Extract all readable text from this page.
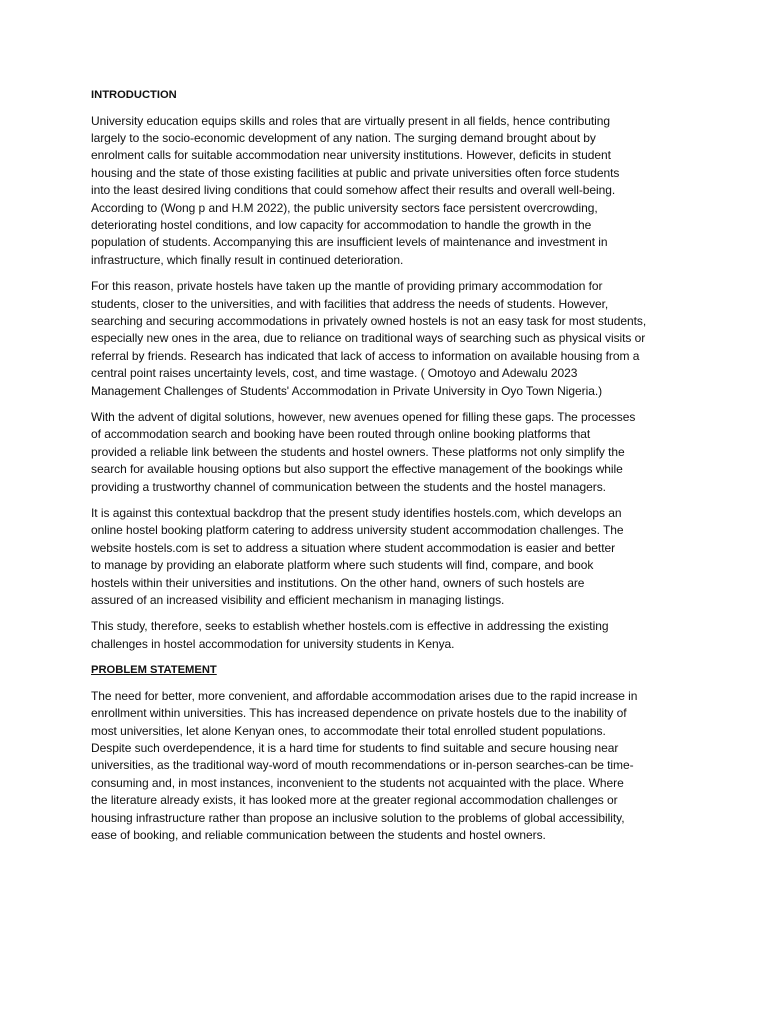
INTRODUCTION
University education equips skills and roles that are virtually present in all fields, hence contributing
largely to the socio-economic development of any nation. The surging demand brought about by
enrolment calls for suitable accommodation near university institutions. However, deficits in student
housing and the state of those existing facilities at public and private universities often force students
into the least desired living conditions that could somehow affect their results and overall well-being.
According to (Wong p and H.M 2022), the public university sectors face persistent overcrowding,
deteriorating hostel conditions, and low capacity for accommodation to handle the growth in the
population of students. Accompanying this are insufficient levels of maintenance and investment in
infrastructure, which finally result in continued deterioration.
For this reason, private hostels have taken up the mantle of providing primary accommodation for
students, closer to the universities, and with facilities that address the needs of students. However,
searching and securing accommodations in privately owned hostels is not an easy task for most students,
especially new ones in the area, due to reliance on traditional ways of searching such as physical visits or
referral by friends. Research has indicated that lack of access to information on available housing from a
central point raises uncertainty levels, cost, and time wastage. ( Omotoyo and Adewalu 2023
Management Challenges of Students' Accommodation in Private University in Oyo Town Nigeria.)
With the advent of digital solutions, however, new avenues opened for filling these gaps. The processes
of accommodation search and booking have been routed through online booking platforms that
provided a reliable link between the students and hostel owners. These platforms not only simplify the
search for available housing options but also support the effective management of the bookings while
providing a trustworthy channel of communication between the students and the hostel managers.
It is against this contextual backdrop that the present study identifies hostels.com, which develops an
online hostel booking platform catering to address university student accommodation challenges. The
website hostels.com is set to address a situation where student accommodation is easier and better
to manage by providing an elaborate platform where such students will find, compare, and book
hostels within their universities and institutions. On the other hand, owners of such hostels are
assured of an increased visibility and efficient mechanism in managing listings.
This study, therefore, seeks to establish whether hostels.com is effective in addressing the existing
challenges in hostel accommodation for university students in Kenya.
PROBLEM STATEMENT
The need for better, more convenient, and affordable accommodation arises due to the rapid increase in
enrollment within universities. This has increased dependence on private hostels due to the inability of
most universities, let alone Kenyan ones, to accommodate their total enrolled student populations.
Despite such overdependence, it is a hard time for students to find suitable and secure housing near
universities, as the traditional way-word of mouth recommendations or in-person searches-can be time-
consuming and, in most instances, inconvenient to the students not acquainted with the place. Where
the literature already exists, it has looked more at the greater regional accommodation challenges or
housing infrastructure rather than propose an inclusive solution to the problems of global accessibility,
ease of booking, and reliable communication between the students and hostel owners.
